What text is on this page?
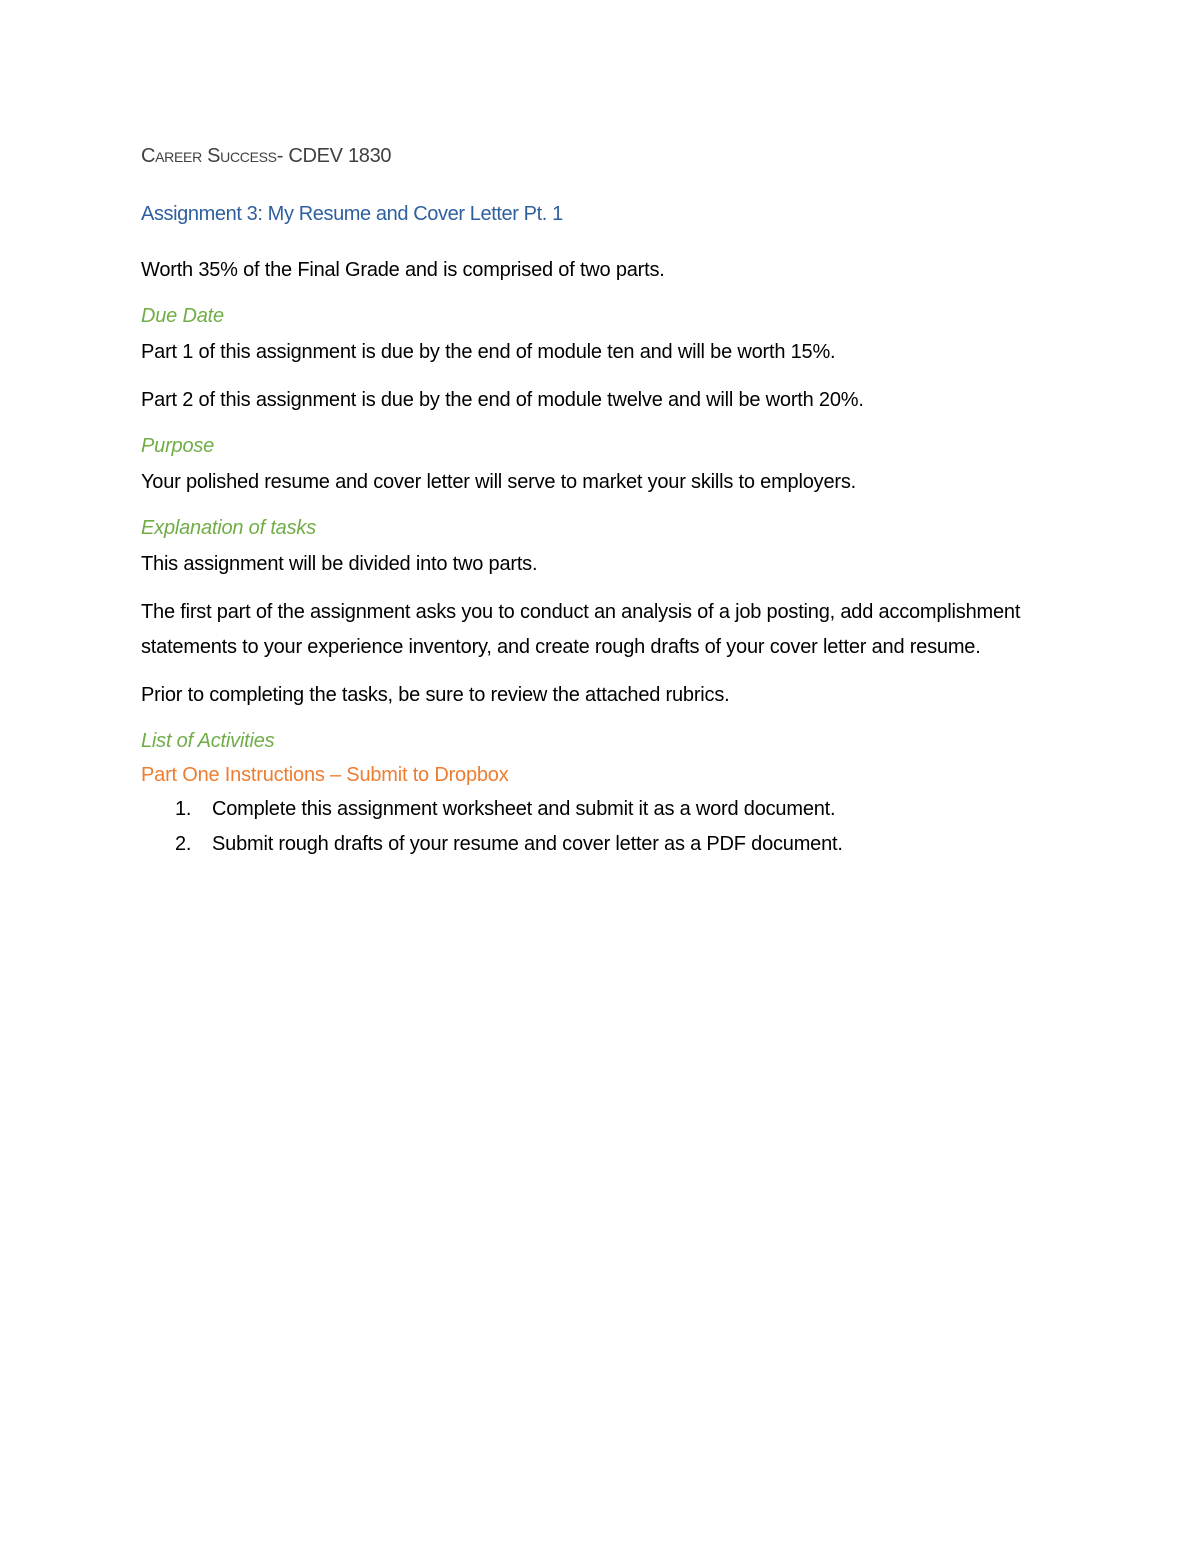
Career Success- CDEV 1830
Assignment 3: My Resume and Cover Letter Pt. 1

Worth 35% of the Final Grade and is comprised of two parts.

Due Date

Part 1 of this assignment is due by the end of module ten and will be worth 15%.

Part 2 of this assignment is due by the end of module twelve and will be worth 20%.

Purpose

Your polished resume and cover letter will serve to market your skills to employers.

Explanation of tasks

This assignment will be divided into two parts.

The first part of the assignment asks you to conduct an analysis of a job posting, add accomplishment statements to your experience inventory, and create rough drafts of your cover letter and resume.

Prior to completing the tasks, be sure to review the attached rubrics.

List of Activities
Part One Instructions – Submit to Dropbox
1.	Complete this assignment worksheet and submit it as a word document.
2.	Submit rough drafts of your resume and cover letter as a PDF document.
